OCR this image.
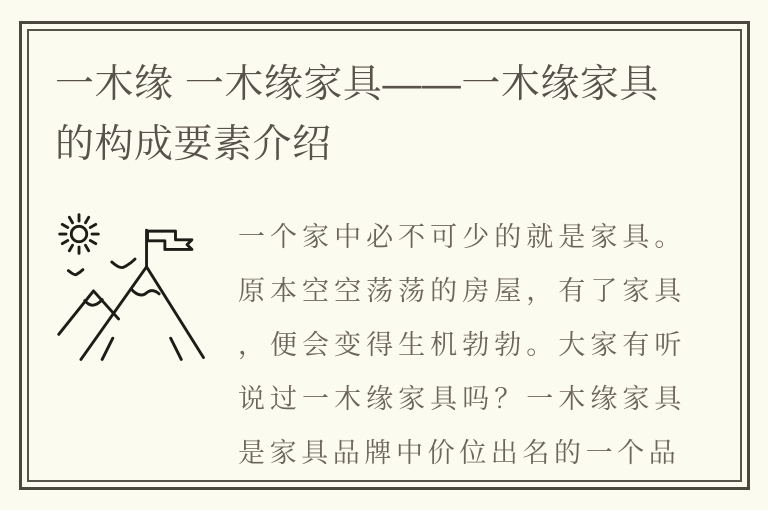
一木缘 一木缘家具——一木缘家具的构成要素介绍

一个家中必不可少的就是家具。原本空空荡荡的房屋，有了家具，便会变得生机勃勃。大家有听说过一木缘家具吗？一木缘家具是家具品牌中价位出名的一个品
